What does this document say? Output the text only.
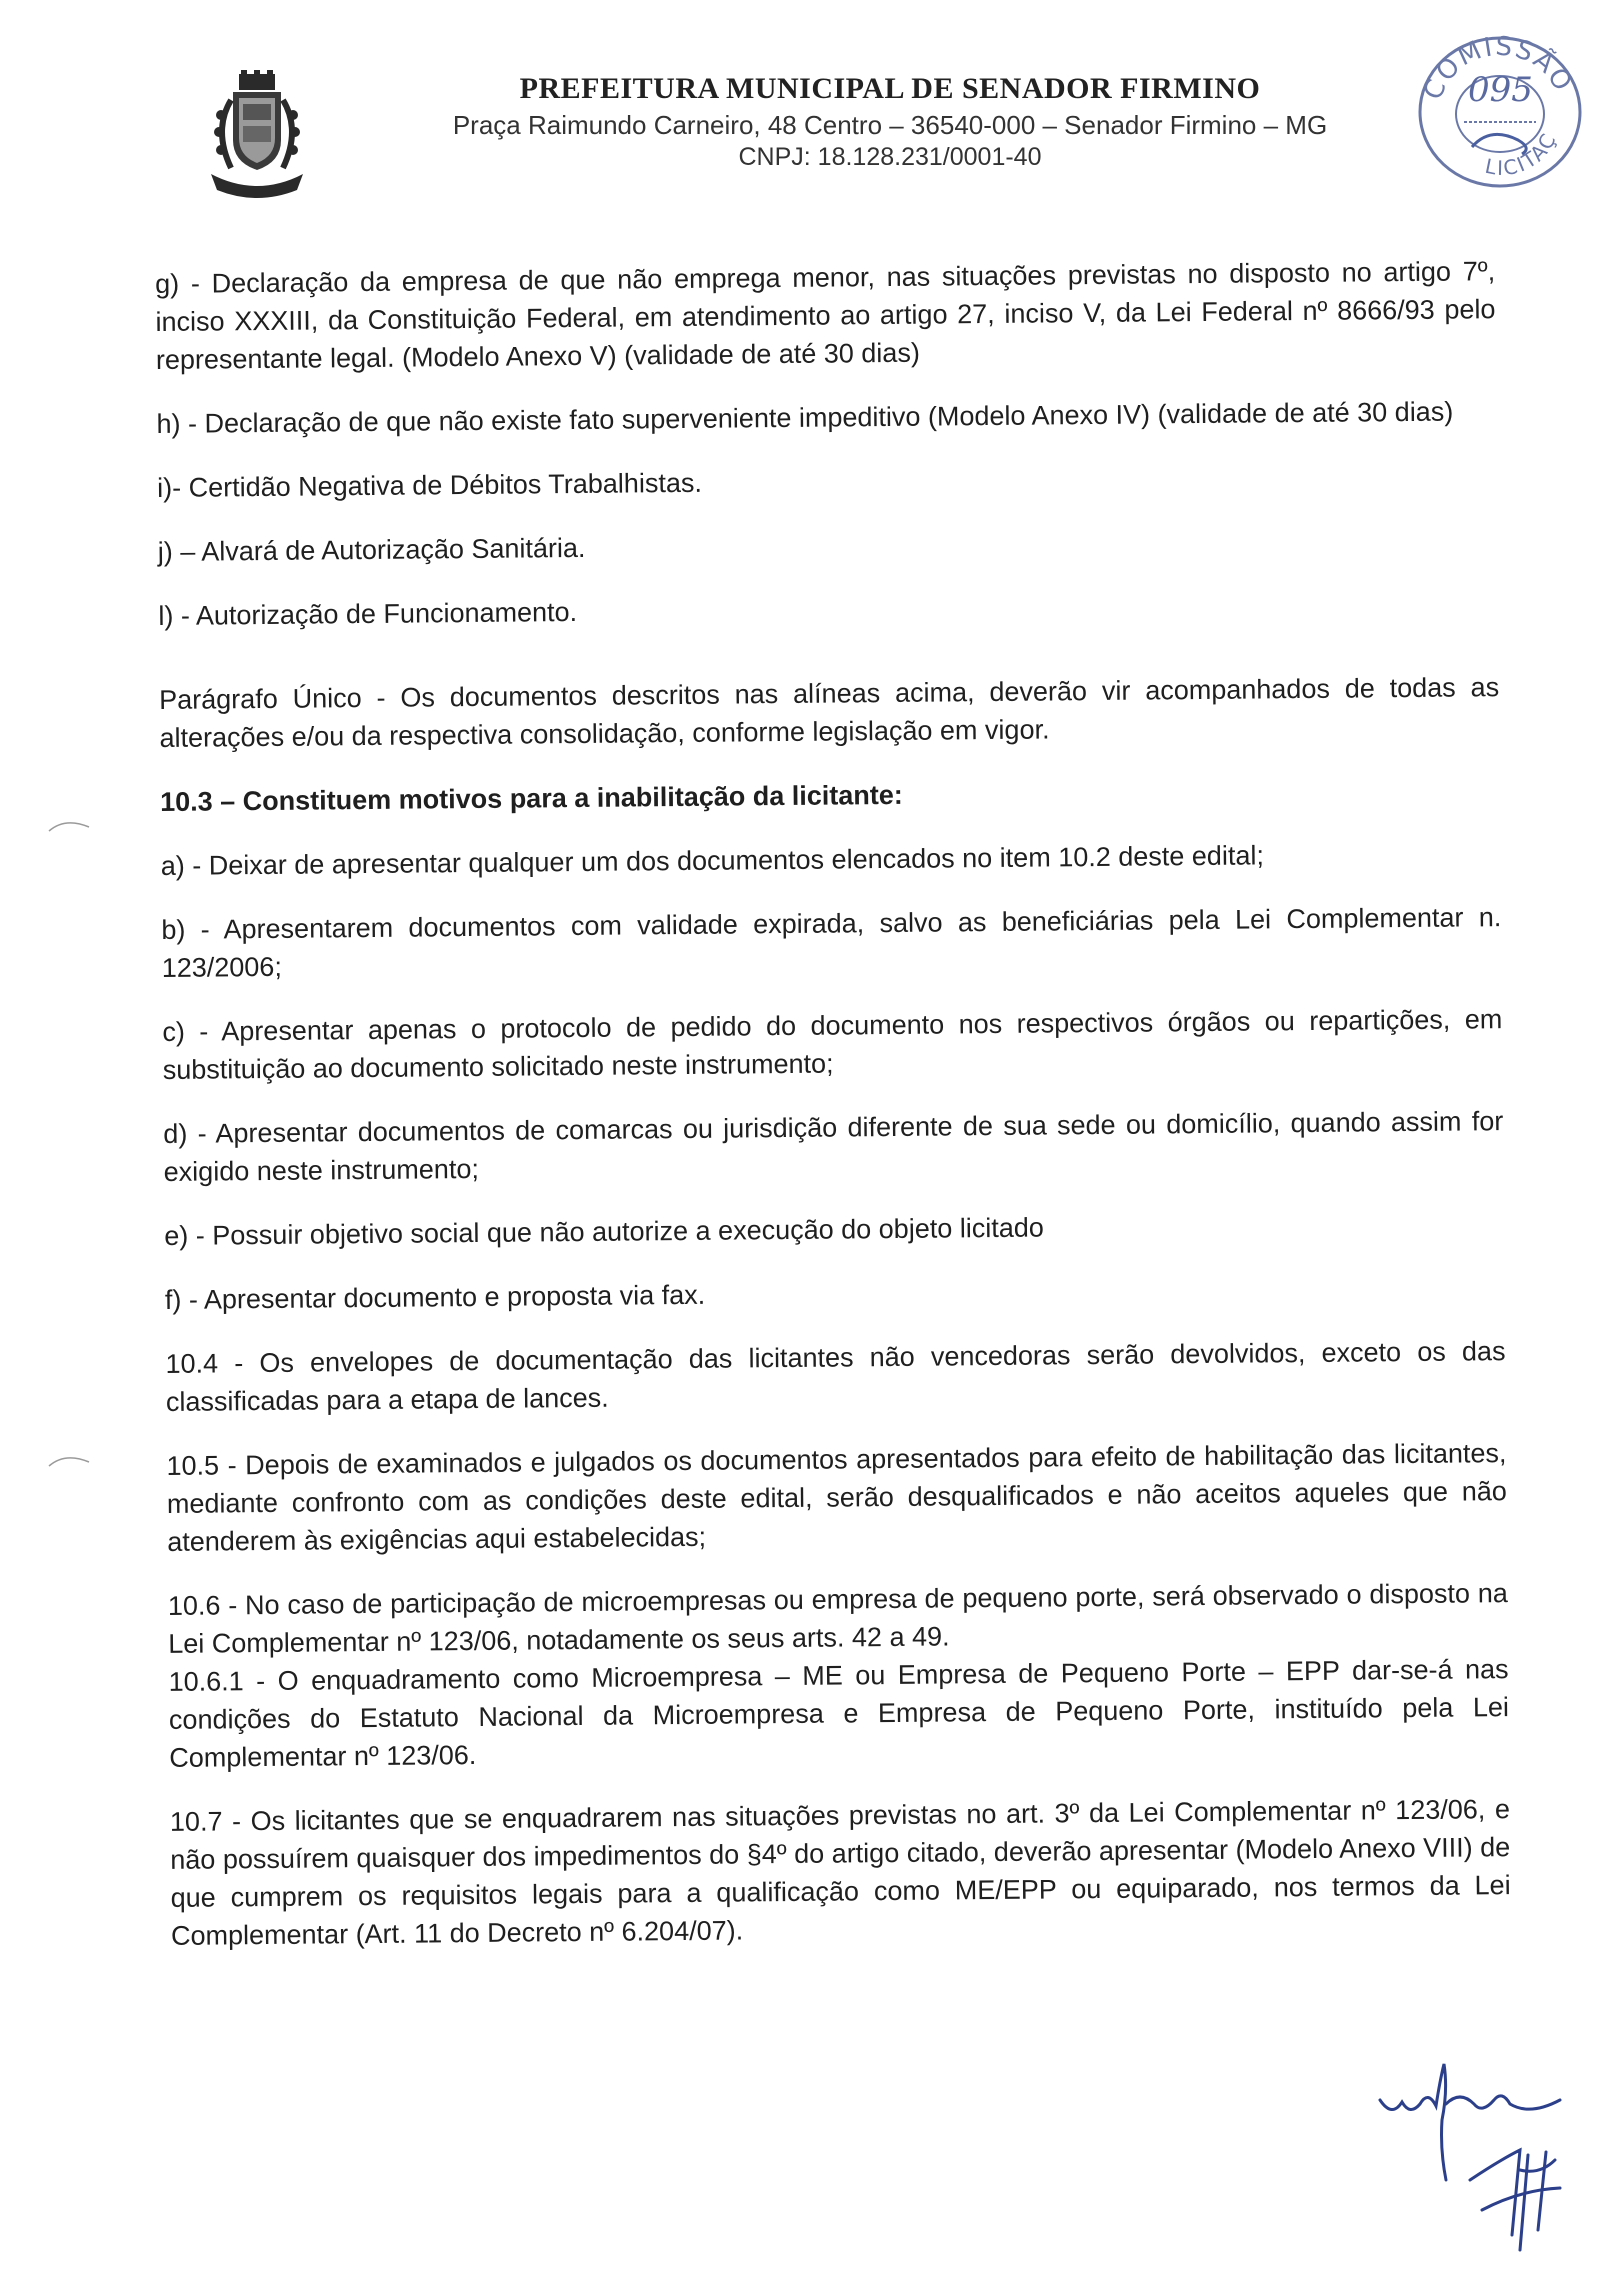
PREFEITURA MUNICIPAL DE SENADOR FIRMINO
Praça Raimundo Carneiro, 48 Centro – 36540-000 – Senador Firmino – MG
CNPJ: 18.128.231/0001-40
COMISSÃO
LICITAÇ
095

g) - Declaração da empresa de que não emprega menor, nas situações previstas no disposto no artigo 7º, inciso XXXIII, da Constituição Federal, em atendimento ao artigo 27, inciso V, da Lei Federal nº 8666/93 pelo representante legal. (Modelo Anexo V) (validade de até 30 dias)

h) - Declaração de que não existe fato superveniente impeditivo (Modelo Anexo IV) (validade de até 30 dias)

i)- Certidão Negativa de Débitos Trabalhistas.

j) – Alvará de Autorização Sanitária.

l) - Autorização de Funcionamento.

Parágrafo Único - Os documentos descritos nas alíneas acima, deverão vir acompanhados de todas as alterações e/ou da respectiva consolidação, conforme legislação em vigor.

10.3 – Constituem motivos para a inabilitação da licitante:

a) - Deixar de apresentar qualquer um dos documentos elencados no item 10.2 deste edital;

b) - Apresentarem documentos com validade expirada, salvo as beneficiárias pela Lei Complementar n. 123/2006;

c) - Apresentar apenas o protocolo de pedido do documento nos respectivos órgãos ou repartições, em substituição ao documento solicitado neste instrumento;

d) - Apresentar documentos de comarcas ou jurisdição diferente de sua sede ou domicílio, quando assim for exigido neste instrumento;

e) - Possuir objetivo social que não autorize a execução do objeto licitado

f) - Apresentar documento e proposta via fax.

10.4 - Os envelopes de documentação das licitantes não vencedoras serão devolvidos, exceto os das classificadas para a etapa de lances.

10.5 - Depois de examinados e julgados os documentos apresentados para efeito de habilitação das licitantes, mediante confronto com as condições deste edital, serão desqualificados e não aceitos aqueles que não atenderem às exigências aqui estabelecidas;

10.6 - No caso de participação de microempresas ou empresa de pequeno porte, será observado o disposto na Lei Complementar nº 123/06, notadamente os seus arts. 42 a 49.

10.6.1 - O enquadramento como Microempresa – ME ou Empresa de Pequeno Porte – EPP dar-se-á nas condições do Estatuto Nacional da Microempresa e Empresa de Pequeno Porte, instituído pela Lei Complementar nº 123/06.

10.7 - Os licitantes que se enquadrarem nas situações previstas no art. 3º da Lei Complementar nº 123/06, e não possuírem quaisquer dos impedimentos do §4º do artigo citado, deverão apresentar (Modelo Anexo VIII) de que cumprem os requisitos legais para a qualificação como ME/EPP ou equiparado, nos termos da Lei Complementar (Art. 11 do Decreto nº 6.204/07).
